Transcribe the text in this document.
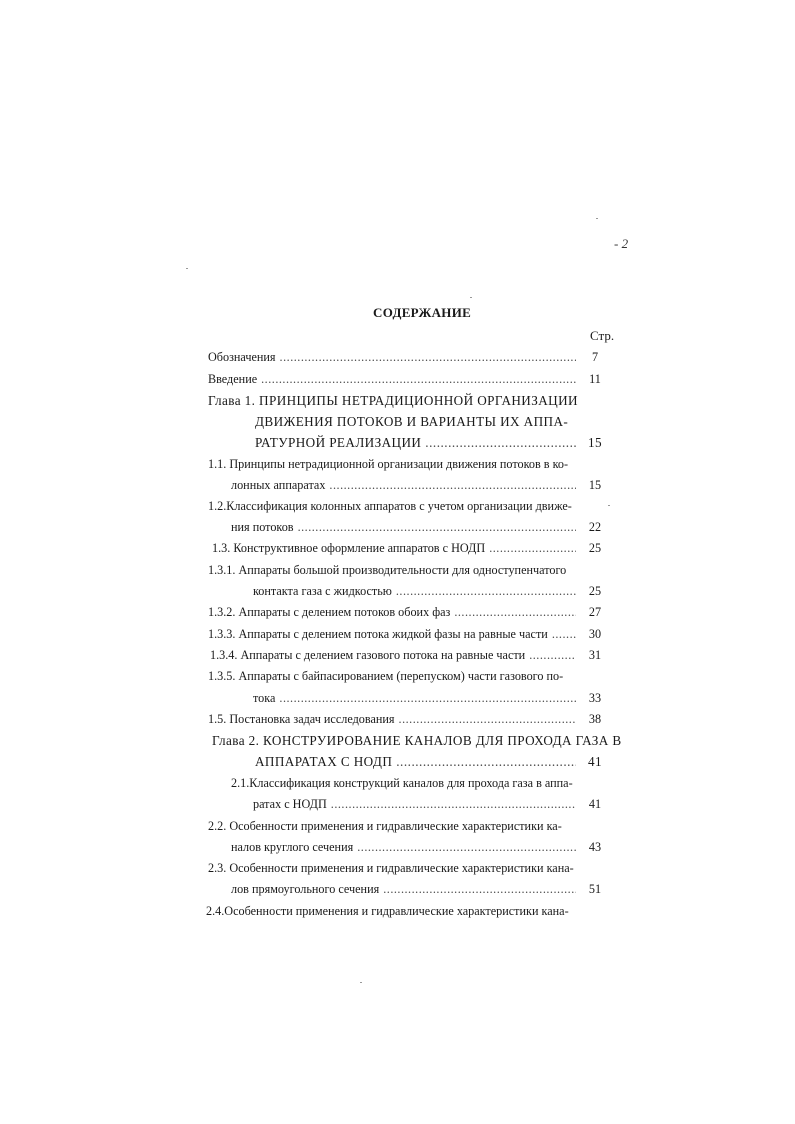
- 2
СОДЕРЖАНИЕ
Стр.
Обозначения .....	7
Введение .....	11
Глава 1. ПРИНЦИПЫ НЕТРАДИЦИОННОЙ ОРГАНИЗАЦИИ
ДВИЖЕНИЯ ПОТОКОВ И ВАРИАНТЫ ИХ АППА-
РАТУРНОЙ РЕАЛИЗАЦИИ .....	15
1.1. Принципы нетрадиционной организации движения потоков в ко-
лонных аппаратах .....	15
1.2.Классификация колонных аппаратов с учетом организации движе-
ния потоков .....	22
1.3. Конструктивное оформление аппаратов с НОДП .....	25
1.3.1. Аппараты большой производительности для одноступенчатого
контакта газа с жидкостью .....	25
1.3.2. Аппараты с делением потоков обоих фаз .....	27
1.3.3. Аппараты с делением потока жидкой фазы на равные части .....	30
1.3.4. Аппараты с делением газового потока на равные части .....	31
1.3.5. Аппараты с байпасированием (перепуском) части газового по-
тока .....	33
1.5. Постановка задач исследования .....	38
Глава 2. КОНСТРУИРОВАНИЕ КАНАЛОВ ДЛЯ ПРОХОДА ГАЗА В
АППАРАТАХ С НОДП .....	41
2.1.Классификация конструкций каналов для прохода газа в аппа-
ратах с НОДП .....	41
2.2. Особенности применения и гидравлические характеристики ка-
налов круглого сечения .....	43
2.3. Особенности применения и гидравлические характеристики кана-
лов прямоугольного сечения .....	51
2.4.Особенности применения и гидравлические характеристики кана-
